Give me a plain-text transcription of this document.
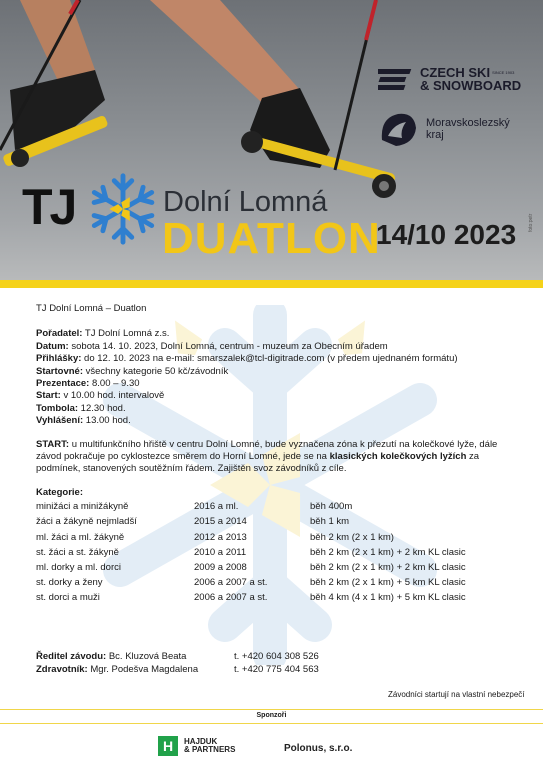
CZECH SKI $^{SINCE 1903}$
& SNOWBOARD
Moravskoslezský
kraj
TJ	Dolní Lomná
DUATLON
14/10 2023 foto:petr

TJ Dolní Lomná – Duatlon

Pořadatel: TJ Dolní Lomná z.s.

Datum: sobota 14. 10. 2023, Dolní Lomná, centrum - muzeum za Obecním úřadem

Přihlášky: do 12. 10. 2023 na e-mail: smarszalek@tcl-digitrade.com (v předem ujednaném formátu)

Startovné: všechny kategorie 50 kč/závodník

Prezentace: 8.00 – 9.30

Start: v 10.00 hod. intervalově

Tombola: 12.30 hod.

Vyhlášení: 13.00 hod.

START: u multifunkčního hřiště v centru Dolní Lomné, bude vyznačena zóna k přezutí na kolečkové lyže, dále závod pokračuje po cyklostezce směrem do Horní Lomné, jede se na klasických kolečkových lyžích za podmínek, stanovených soutěžním řádem. Zajištěn svoz závodníků z cíle.

Kategorie:

minižáci a minižákyně	2016 a ml.	běh 400m
žáci a žákyně nejmladší	2015 a 2014	běh 1 km
ml. žáci a ml. žákyně	2012 a 2013	běh 2 km (2 x 1 km)
st. žáci a st. žákyně	2010 a 2011	běh 2 km (2 x 1 km) + 2 km KL clasic
ml. dorky a ml. dorci	2009 a 2008	běh 2 km (2 x 1 km) + 2 km KL clasic
st. dorky a ženy	2006 a 2007 a st.	běh 2 km (2 x 1 km) + 5 km KL clasic
st. dorci a muži	2006 a 2007 a st.	běh 4 km (4 x 1 km) + 5 km KL clasic
Ředitel závodu: Bc. Kluzová Beata	t. +420 604 308 526
Zdravotník: Mgr. Podešva Magdalena	t. +420 775 404 563
Závodníci startují na vlastní nebezpečí
Sponzoři
H	HAJDUK
& PARTNERS	Polonus, s.r.o.
